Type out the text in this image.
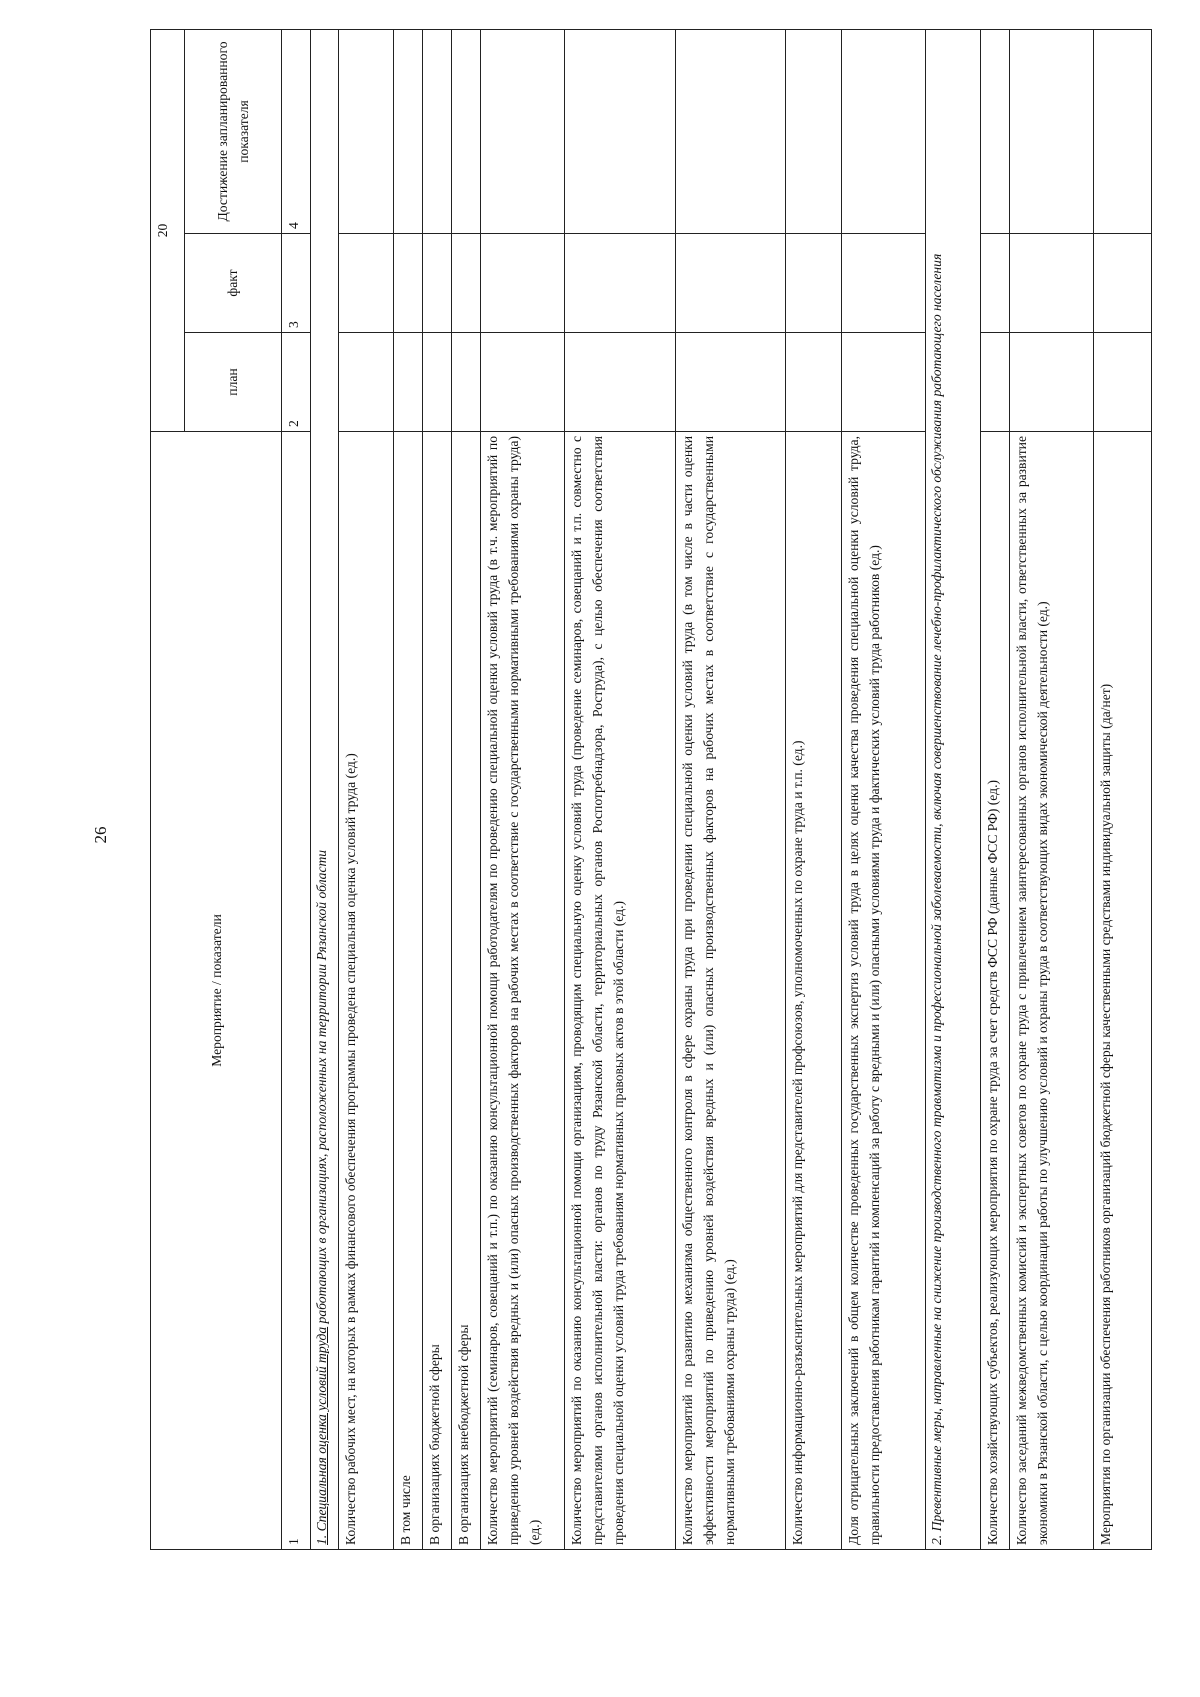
26
Мероприятие / показатели	20		
	план	факт	Достижение запланированного показателя
1	2	3	4
1. Специальная оценка условий труда работающих в организациях, расположенных на территории Рязанской области			
Количество рабочих мест, на которых в рамках финансового обеспечения программы проведена специальная оценка условий труда (ед.)			
В том числе			
В организациях бюджетной сферы			
В организациях внебюджетной сферы			
Количество мероприятий (семинаров, совещаний и т.п.) по оказанию консультационной помощи работодателям по проведению специальной оценки условий труда (в т.ч. мероприятий по приведению уровней воздействия вредных и (или) опасных производственных факторов на рабочих местах в соответствие с государственными нормативными требованиями охраны труда) (ед.)			
Количество мероприятий по оказанию консультационной помощи организациям, проводящим специальную оценку условий труда (проведение семинаров, совещаний и т.п. совместно с представителями органов исполнительной власти: органов по труду Рязанской области, территориальных органов Роспотребнадзора, Роструда), с целью обеспечения соответствия проведения специальной оценки условий труда требованиям нормативных правовых актов в этой области (ед.)			
Количество мероприятий по развитию механизма общественного контроля в сфере охраны труда при проведении специальной оценки условий труда (в том числе в части оценки эффективности мероприятий по приведению уровней воздействия вредных и (или) опасных производственных факторов на рабочих местах в соответствие с государственными нормативными требованиями охраны труда) (ед.)			
Количество информационно-разъяснительных мероприятий для представителей профсоюзов, уполномоченных по охране труда и т.п. (ед.)			
Доля отрицательных заключений в общем количестве проведенных государственных экспертиз условий труда в целях оценки качества проведения специальной оценки условий труда, правильности предоставления работникам гарантий и компенсаций за работу с вредными и (или) опасными условиями труда и фактических условий труда работников (ед.)			
2. Превентивные меры, направленные на снижение производственного травматизма и профессиональной заболеваемости, включая совершенствование лечебно-профилактического обслуживания работающего населения			
Количество хозяйствующих субъектов, реализующих мероприятия по охране труда за счет средств ФСС РФ (данные ФСС РФ) (ед.)			
Количество заседаний межведомственных комиссий и экспертных советов по охране труда с привлечением заинтересованных органов исполнительной власти, ответственных за развитие экономики в Рязанской области, с целью координации работы по улучшению условий и охраны труда в соответствующих видах экономической деятельности (ед.)			
Мероприятия по организации обеспечения работников организаций бюджетной сферы качественными средствами индивидуальной защиты (да/нет)			
